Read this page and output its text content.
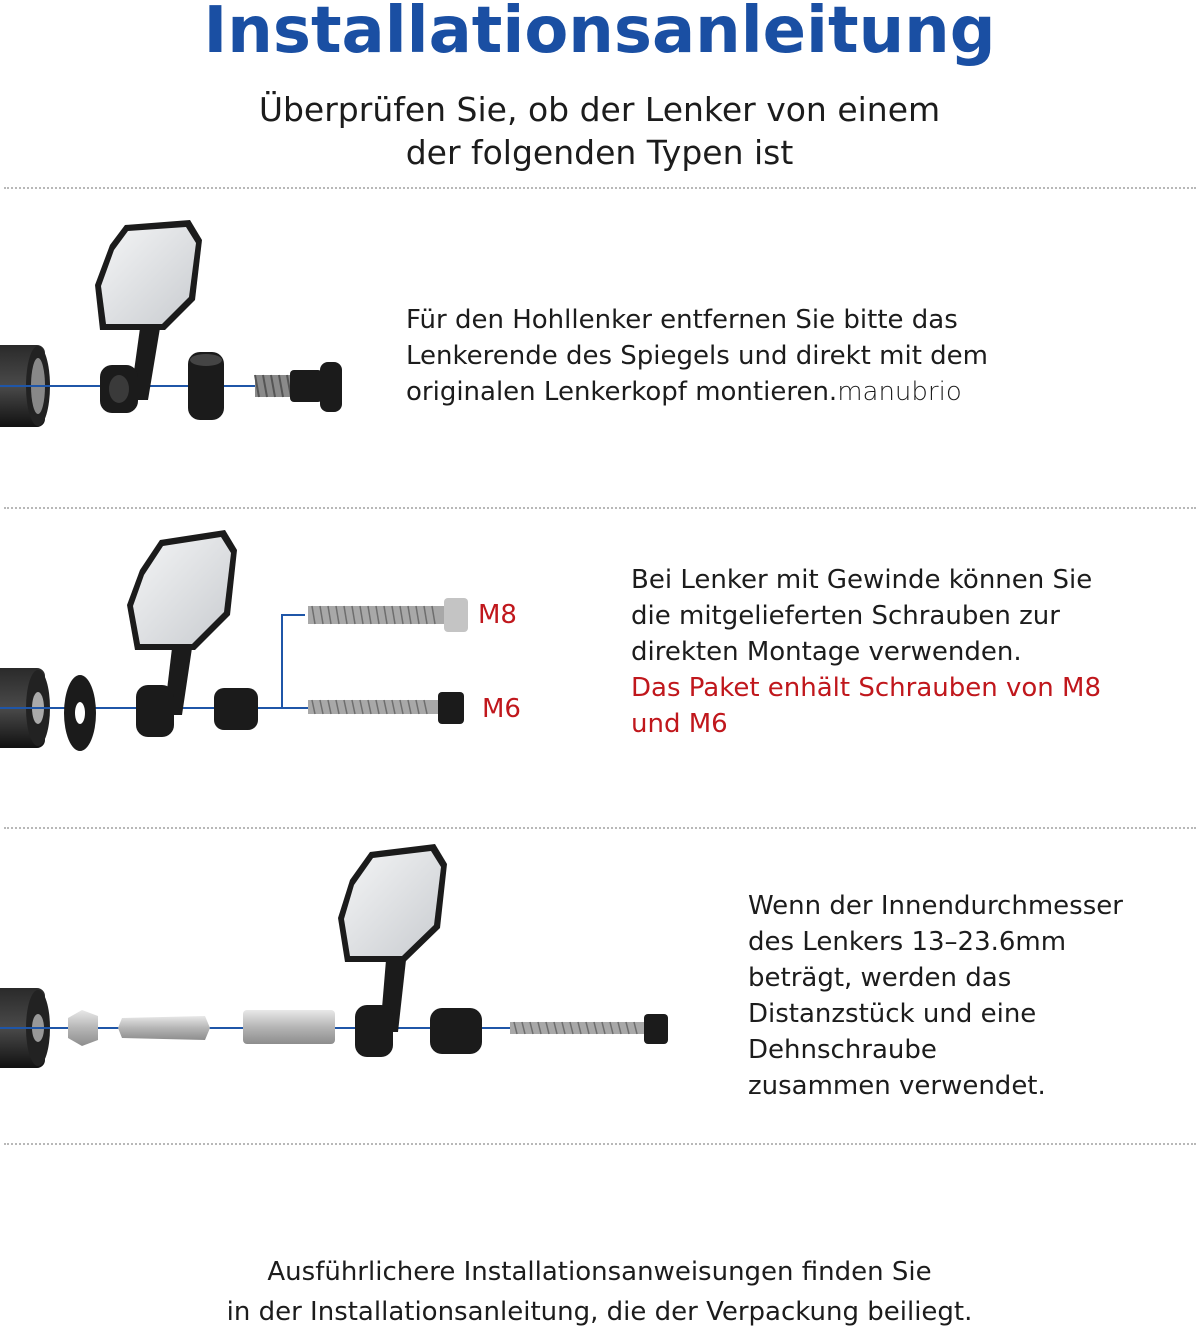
Installationsanleitung
Überprüfen Sie, ob der Lenker von einem
der folgenden Typen ist
Für den Hohllenker entfernen Sie bitte das
Lenkerende des Spiegels und direkt mit dem
originalen Lenkerkopf montieren.manubrio
M8
M6
Bei Lenker mit Gewinde können Sie
die mitgelieferten Schrauben zur
direkten Montage verwenden.
Das Paket enhält Schrauben von M8
und M6
Wenn der Innendurchmesser
des Lenkers 13–23.6mm
beträgt, werden das
Distanzstück und eine
Dehnschraube
zusammen verwendet.
Ausführlichere Installationsanweisungen finden Sie
in der Installationsanleitung, die der Verpackung beiliegt.
